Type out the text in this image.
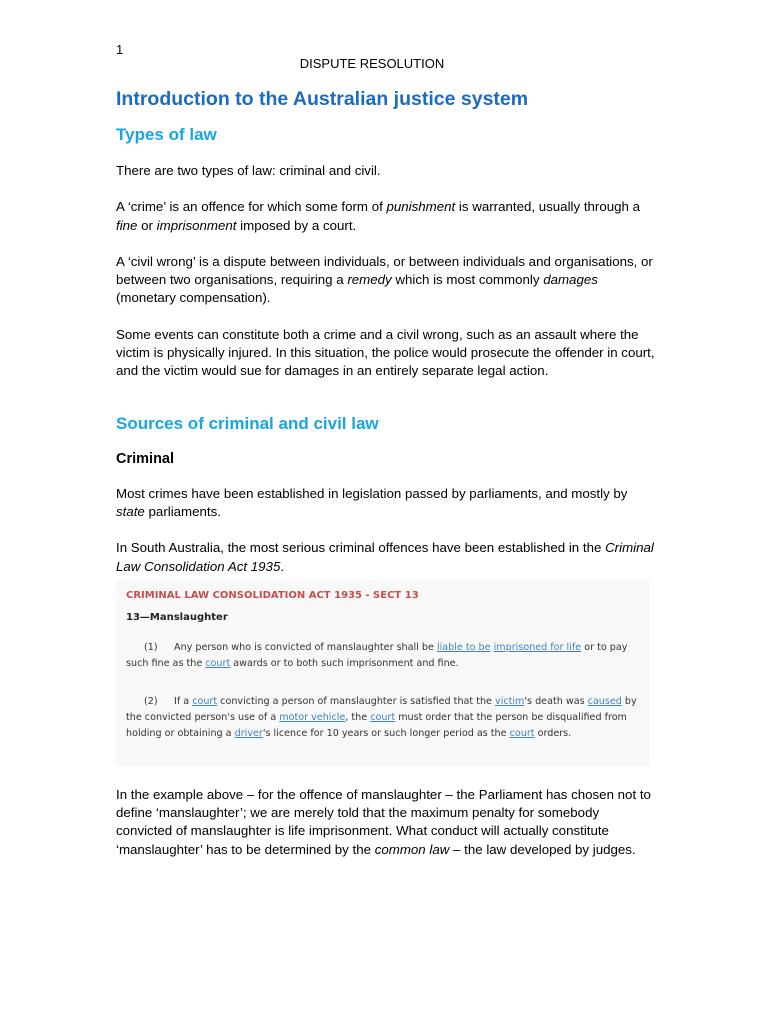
1
DISPUTE RESOLUTION
Introduction to the Australian justice system
Types of law

There are two types of law: criminal and civil.

A ‘crime’ is an offence for which some form of punishment is warranted, usually through a fine or imprisonment imposed by a court.

A ‘civil wrong’ is a dispute between individuals, or between individuals and organisations, or between two organisations, requiring a remedy which is most commonly damages (monetary compensation).

Some events can constitute both a crime and a civil wrong, such as an assault where the victim is physically injured. In this situation, the police would prosecute the offender in court, and the victim would sue for damages in an entirely separate legal action.

Sources of criminal and civil law
Criminal

Most crimes have been established in legislation passed by parliaments, and mostly by state parliaments.

In South Australia, the most serious criminal offences have been established in the Criminal Law Consolidation Act 1935.

CRIMINAL LAW CONSOLIDATION ACT 1935 - SECT 13
13—Manslaughter
(1) Any person who is convicted of manslaughter shall be liable to be imprisoned for life or to pay such fine as the court awards or to both such imprisonment and fine.
(2) If a court convicting a person of manslaughter is satisfied that the victim's death was caused by the convicted person's use of a motor vehicle, the court must order that the person be disqualified from holding or obtaining a driver's licence for 10 years or such longer period as the court orders.

In the example above – for the offence of manslaughter – the Parliament has chosen not to define ‘manslaughter’; we are merely told that the maximum penalty for somebody convicted of manslaughter is life imprisonment. What conduct will actually constitute ‘manslaughter’ has to be determined by the common law – the law developed by judges.
